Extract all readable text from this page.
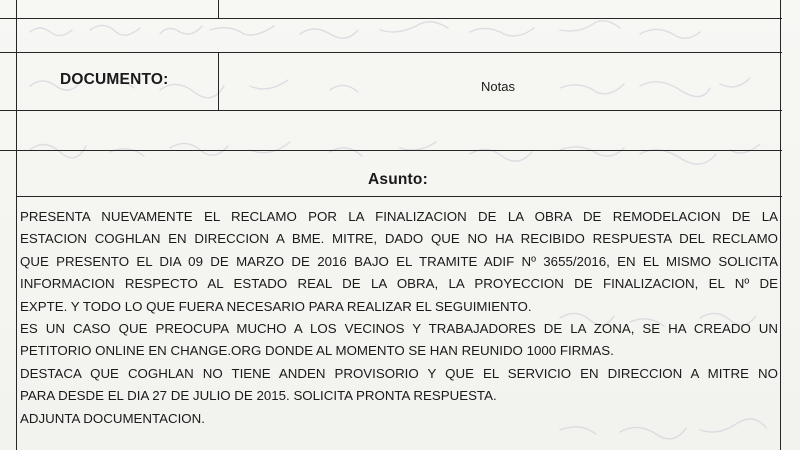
DOCUMENTO:	Notas
Asunto:
PRESENTA NUEVAMENTE EL RECLAMO POR LA FINALIZACION DE LA OBRA DE REMODELACION DE LA
ESTACION COGHLAN EN DIRECCION A BME. MITRE, DADO QUE NO HA RECIBIDO RESPUESTA DEL RECLAMO
QUE PRESENTO EL DIA 09 DE MARZO DE 2016 BAJO EL TRAMITE ADIF Nº 3655/2016, EN EL MISMO SOLICITA
INFORMACION RESPECTO AL ESTADO REAL DE LA OBRA, LA PROYECCION DE FINALIZACION, EL Nº DE
EXPTE. Y TODO LO QUE FUERA NECESARIO PARA REALIZAR EL SEGUIMIENTO.
ES UN CASO QUE PREOCUPA MUCHO A LOS VECINOS Y TRABAJADORES DE LA ZONA, SE HA CREADO UN
PETITORIO ONLINE EN CHANGE.ORG DONDE AL MOMENTO SE HAN REUNIDO 1000 FIRMAS.
DESTACA QUE COGHLAN NO TIENE ANDEN PROVISORIO Y QUE EL SERVICIO EN DIRECCION A MITRE NO
PARA DESDE EL DIA 27 DE JULIO DE 2015. SOLICITA PRONTA RESPUESTA.
ADJUNTA DOCUMENTACION.
